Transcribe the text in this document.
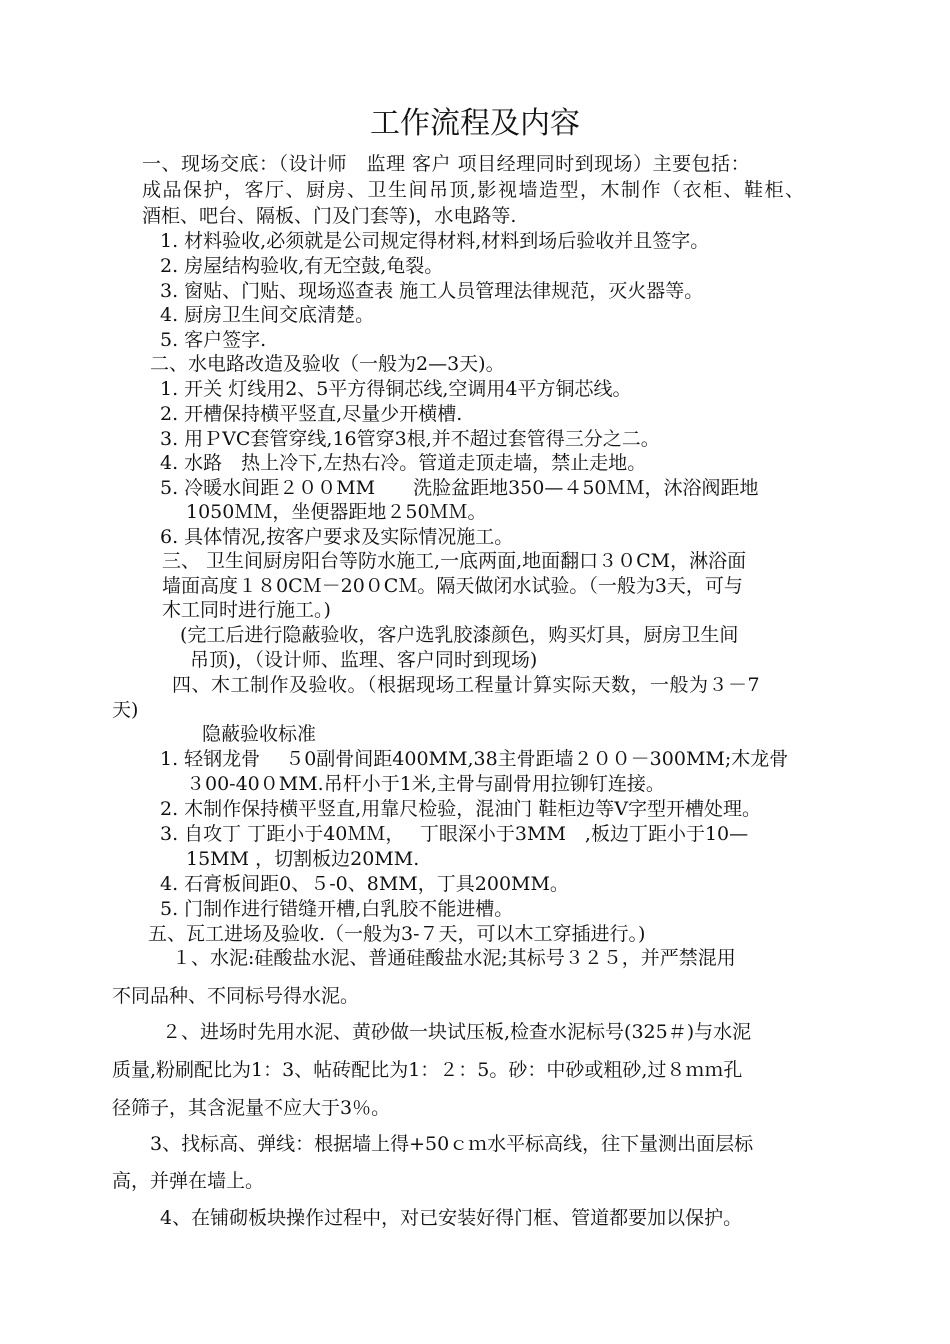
工作流程及内容
一、现场交底：（设计师　监理 客户 项目经理同时到现场）主要包括：
成品保护，客厅、厨房、卫生间吊顶,影视墙造型，木制作（衣柜、鞋柜、
酒柜、吧台、隔板、门及门套等)，水电路等.
1. 材料验收,必须就是公司规定得材料,材料到场后验收并且签字。
2. 房屋结构验收,有无空鼓,龟裂。
3. 窗贴、门贴、现场巡查表 施工人员管理法律规范，灭火器等。
4. 厨房卫生间交底清楚。
5. 客户签字.
二、水电路改造及验收（一般为2—3天)。
1. 开关 灯线用2、5平方得铜芯线,空调用4平方铜芯线。
2. 开槽保持横平竖直,尽量少开横槽.
3. 用ＰVC套管穿线,16管穿3根,并不超过套管得三分之二。
4. 水路　热上冷下,左热右冷。管道走顶走墙，禁止走地。
5. 冷暖水间距２００MM　　洗脸盆距地350—４50ＭＭ，沐浴阀距地
1050ＭＭ，坐便器距地２50ＭＭ。
6. 具体情况,按客户要求及实际情况施工。
三、 卫生间厨房阳台等防水施工,一底两面,地面翻口３０CM，淋浴面
墙面高度１８0CＭ－20０CＭ。隔天做闭水试验。（一般为3天，可与
木工同时进行施工。)
(完工后进行隐蔽验收，客户选乳胶漆颜色，购买灯具，厨房卫生间
吊顶)，（设计师、监理、客户同时到现场)
四、木工制作及验收。（根据现场工程量计算实际天数，一般为３－7
天)
隐蔽验收标准
1. 轻钢龙骨　 ５0副骨间距400MM,38主骨距墙２００－300MM;木龙骨
３00-40０MM.吊杆小于1米,主骨与副骨用拉铆钉连接。
2. 木制作保持横平竖直,用靠尺检验，混油门 鞋柜边等V字型开槽处理。
3. 自攻丁 丁距小于40ＭＭ，　 丁眼深小于3MM　,板边丁距小于10—
15MM ，切割板边20MM.
4. 石膏板间距0、５-0、8MM，丁具200MM。
5. 门制作进行错缝开槽,白乳胶不能进槽。
五、瓦工进场及验收.（一般为3-７天，可以木工穿插进行。)
１、水泥:硅酸盐水泥、普通硅酸盐水泥;其标号３２５，并严禁混用
不同品种、不同标号得水泥。
２、进场时先用水泥、黄砂做一块试压板,检查水泥标号(325＃)与水泥
质量,粉刷配比为1：3、帖砖配比为1：２：5。砂：中砂或粗砂,过８ｍｍ孔
径筛子，其含泥量不应大于3％。
3、找标高、弹线：根据墙上得+50ｃｍ水平标高线，往下量测出面层标
高，并弹在墙上。
4、在铺砌板块操作过程中，对已安装好得门框、管道都要加以保护。
